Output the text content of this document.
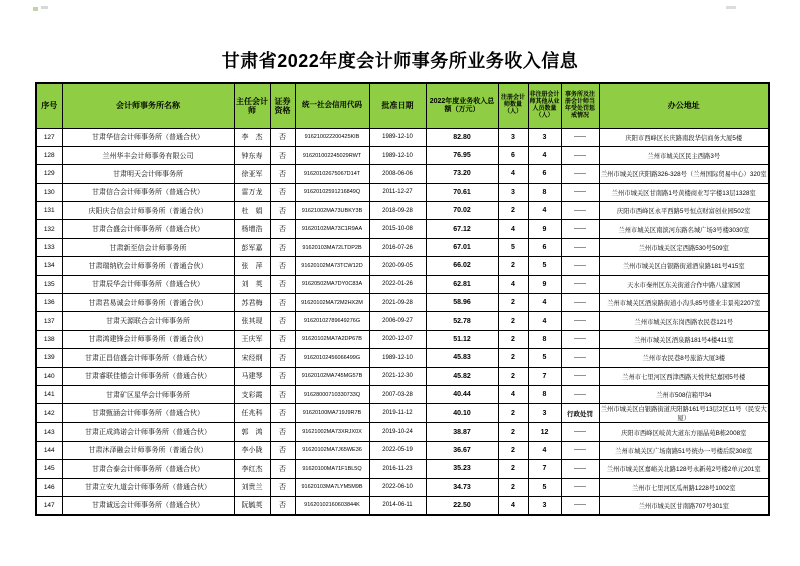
甘肃省2022年度会计师事务所业务收入信息
序号	会计师事务所名称	主任会计师	证券资格	统一社会信用代码	批准日期	2022年度业务收入总额（万元）	注册会计师数量（人）	非注册会计师其他从业人员数量（人）	事务所及注册会计师当年受处罚惩戒情况	办公地址
127	甘肃华信会计师事务所（普通合伙）	李　杰	否	916210022200425KIB	1989-12-10	82.80	3	3	——	庆阳市西峰区长庆路南段华信商务大厦5楼
128	兰州华丰会计师事务有限公司	钟东寿	否	916201002245029RWT	1989-12-10	76.95	6	4	——	兰州市城关区民主西路3号
129	甘肃明天会计师事务所	徐亚军	否	91620102675067D14T	2008-06-06	73.20	4	6	——	兰州市城关区庆阳路326-328号（兰州国际贸易中心）320室
130	甘肃信合会计师事务所（普通合伙）	雷万龙	否	91620102591216849Q	2011-12-27	70.61	3	8	——	兰州市城关区甘南路1号黄楼商业写字楼13层1328室
131	庆阳庆合信会计师事务所（普通合伙）	杜　娟	否	91621002MA73UBKY3B	2018-09-28	70.02	2	4	——	庆阳市西峰区永平西路5号恒点财富创业园502室
132	甘肃合盛会计师事务所（普通合伙）	杨增浩	否	91620102MA73C1R9AA	2015-10-08	67.12	4	9	——	兰州市城关区南滨河东路名城广场3号楼3030室
133	甘肃新至信会计师事务所	彭军嘉	否	91620103MA72LTDP2B	2016-07-26	67.01	5	6	——	兰州市城关区定西路530号509室
134	甘肃瑞纳欣会计师事务所（普通合伙）	张　萍	否	91620102MA73TCW12D	2020-09-05	66.02	2	5	——	兰州市城关区白银路街道酒泉路181号415室
135	甘肃辰华会计师事务所（普通合伙）	刘　英	否	91620502MA7DY0C83A	2022-01-26	62.81	4	9	——	天水市秦州区东关街道合作中路八建家园
136	甘肃君易诚会计师事务所（普通合伙）	苏君梅	否	91620102MA72M2HX2M	2021-09-28	58.96	2	4	——	兰州市城关区酒泉路街道小沟头85号盛业丰景苑2207室
137	甘肃天源联合会计师事务所	张其现	否	91620102789649276G	2006-09-27	52.78	2	4	——	兰州市城关区东岗西路农民巷121号
138	甘肃鸿建锋会计师事务所（普通合伙）	王庆军	否	91620102MA7A2DP67B	2020-12-07	51.12	2	8	——	兰州市城关区酒泉路181号4楼411室
139	甘肃正昌信盛会计师事务所（普通合伙）	宋经纲	否	91620102456066499G	1989-12-10	45.83	2	5	——	兰州市农民巷8号旅游大厦3楼
140	甘肃睿联佳德会计师事务所（普通合伙）	马建琴	否	91620102MA745MG57B	2021-12-30	45.82	2	7	——	兰州市七里河区西津西路天悦世纪嘉园5号楼
141	甘肃矿区星华会计师事务所	支彩霞	否	91628000710330733Q	2007-03-28	40.44	4	8	——	兰州市508信箱甲34
142	甘肃甄涵会计师事务所（普通合伙）	任兆科	否	91620100MA719J9R7B	2019-11-12	40.10	2	3	行政处罚	兰州市城关区白银路街道庆阳路161号13层2区11号（民安大厦）
143	甘肃正成鸿诺会计师事务所（普通合伙）	郭　鸿	否	91621002MA73XRJX0X	2019-10-24	38.87	2	12	——	庆阳市西峰区岐黄大道东方丽晶苑B栋2008室
144	甘肃沐泽融会计师事务所（普通合伙）	李小陇	否	91620102MA7J65WE36	2022-05-19	36.67	2	4	——	兰州市城关区广场南路51号统办一号楼后院308室
145	甘肃合泰会计师事务所（普通合伙）	李红杰	否	91620100MA71F1BL5Q	2016-11-23	35.23	2	7	——	兰州市城关区嘉峪关北路128号永新苑2号楼2单元201室
146	甘肃立安九道会计师事务所（普通合伙）	刘贵兰	否	91620103MA7LYM5M9B	2022-06-10	34.73	2	5	——	兰州市七里河区瓜州路1228号1002室
147	甘肃诚远会计师事务所（普通合伙）	阮毓英	否	91620102160603844K	2014-06-11	22.50	4	3	——	兰州市城关区甘南路707号301室
